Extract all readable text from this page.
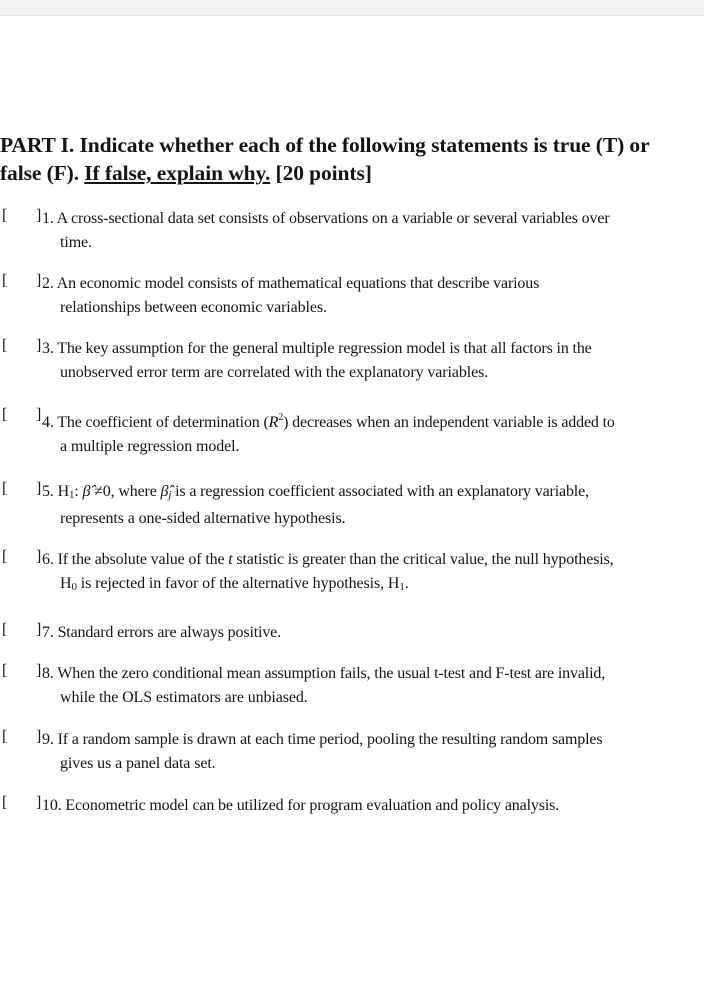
PART I. Indicate whether each of the following statements is true (T) or
false (F). If false, explain why. [20 points]
[ ] 1. A cross-sectional data set consists of observations on a variable or several variables over
time.
[ ] 2. An economic model consists of mathematical equations that describe various
relationships between economic variables.
[ ] 3. The key assumption for the general multiple regression model is that all factors in the
unobserved error term are correlated with the explanatory variables.
[ ] 4. The coefficient of determination $(R^2)$ decreases when an independent variable is added to
a multiple regression model.
[ ] 5. H1: β̂ ≠0, where β̂j is a regression coefficient associated with an explanatory variable,
represents a one-sided alternative hypothesis.
[ ] 6. If the absolute value of the t statistic is greater than the critical value, the null hypothesis,
H0 is rejected in favor of the alternative hypothesis, H1.
[ ] 7. Standard errors are always positive.
[ ] 8. When the zero conditional mean assumption fails, the usual t-test and F-test are invalid,
while the OLS estimators are unbiased.
[ ] 9. If a random sample is drawn at each time period, pooling the resulting random samples
gives us a panel data set.
[ ] 10. Econometric model can be utilized for program evaluation and policy analysis.
